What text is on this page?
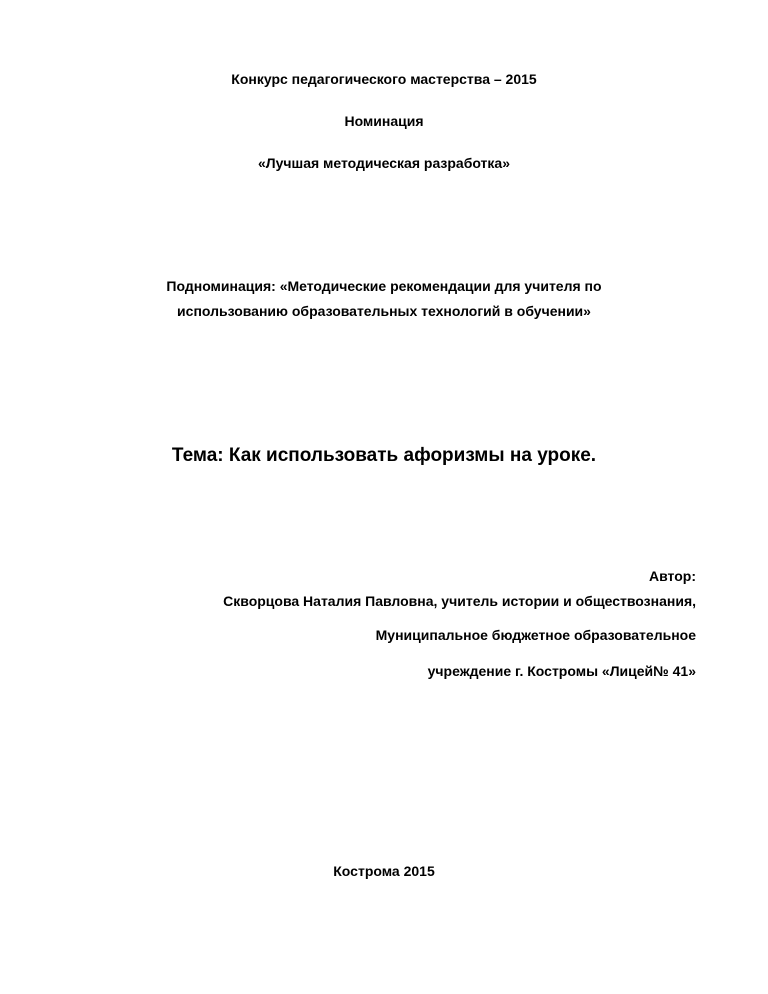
Конкурс педагогического мастерства – 2015
Номинация
«Лучшая методическая разработка»
Подноминация: «Методические рекомендации для учителя по
использованию образовательных технологий в обучении»
Тема: Как использовать афоризмы на уроке.
Автор:
Скворцова Наталия Павловна, учитель истории и обществознания,
Муниципальное бюджетное образовательное
учреждение г. Костромы «Лицей№ 41»
Кострома 2015
